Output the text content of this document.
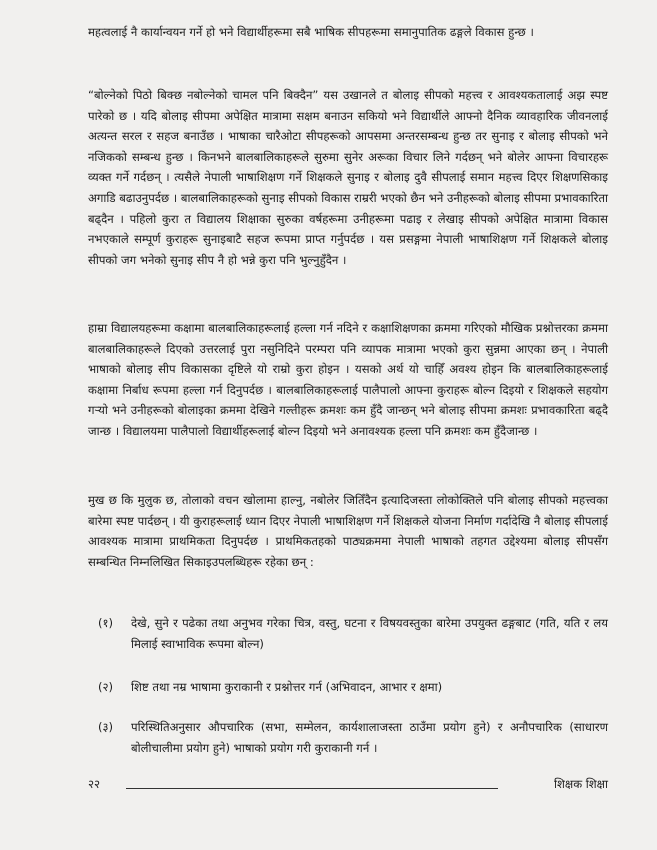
महत्वलाई नै कार्यान्वयन गर्ने हो भने विद्यार्थीहरूमा सबै भाषिक सीपहरूमा समानुपातिक ढङ्गले विकास हुन्छ ।

“बोल्नेको पिठो बिक्छ नबोल्नेको चामल पनि बिक्दैन” यस उखानले त बोलाइ सीपको महत्त्व र आवश्यकतालाई अझ स्पष्ट पारेको छ । यदि बोलाइ सीपमा अपेक्षित मात्रामा सक्षम बनाउन सकियो भने विद्यार्थीले आफ्नो दैनिक व्यावहारिक जीवनलाई अत्यन्त सरल र सहज बनाउँछ । भाषाका चारैओटा सीपहरूको आपसमा अन्तरसम्बन्ध हुन्छ तर सुनाइ र बोलाइ सीपको भने नजिकको सम्बन्ध हुन्छ । किनभने बालबालिकाहरूले सुरुमा सुनेर अरूका विचार लिने गर्दछन् भने बोलेर आफ्ना विचारहरू व्यक्त गर्ने गर्दछन् । त्यसैले नेपाली भाषाशिक्षण गर्ने शिक्षकले सुनाइ र बोलाइ दुवै सीपलाई समान महत्त्व दिएर शिक्षणसिकाइ अगाडि बढाउनुपर्दछ । बालबालिकाहरूको सुनाइ सीपको विकास राम्ररी भएको छैन भने उनीहरूको बोलाइ सीपमा प्रभावकारिता बढ्दैन । पहिलो कुरा त विद्यालय शिक्षाका सुरुका वर्षहरूमा उनीहरूमा पढाइ र लेखाइ सीपको अपेक्षित मात्रामा विकास नभएकाले सम्पूर्ण कुराहरू सुनाइबाटै सहज रूपमा प्राप्त गर्नुपर्दछ । यस प्रसङ्गमा नेपाली भाषाशिक्षण गर्ने शिक्षकले बोलाइ सीपको जग भनेको सुनाइ सीप नै हो भन्ने कुरा पनि भुल्नुहुँदैन ।

हाम्रा विद्यालयहरूमा कक्षामा बालबालिकाहरूलाई हल्ला गर्न नदिने र कक्षाशिक्षणका क्रममा गरिएको मौखिक प्रश्नोत्तरका क्रममा बालबालिकाहरूले दिएको उत्तरलाई पुरा नसुनिदिने परम्परा पनि व्यापक मात्रामा भएको कुरा सुन्नमा आएका छन् । नेपाली भाषाको बोलाइ सीप विकासका दृष्टिले यो राम्रो कुरा होइन । यसको अर्थ यो चाहिँ अवश्य होइन कि बालबालिकाहरूलाई कक्षामा निर्बाध रूपमा हल्ला गर्न दिनुपर्दछ । बालबालिकाहरूलाई पालैपालो आफ्ना कुराहरू बोल्न दिइयो र शिक्षकले सहयोग गऱ्यो भने उनीहरूको बोलाइका क्रममा देखिने गल्तीहरू क्रमशः कम हुँदै जान्छन् भने बोलाइ सीपमा क्रमशः प्रभावकारिता बढ्दै जान्छ । विद्यालयमा पालैपालो विद्यार्थीहरूलाई बोल्न दिइयो भने अनावश्यक हल्ला पनि क्रमशः कम हुँदैजान्छ ।

मुख छ कि मुलुक छ, तोलाको वचन खोलामा हाल्नु, नबोलेर जितिँदैन इत्यादिजस्ता लोकोक्तिले पनि बोलाइ सीपको महत्त्वका बारेमा स्पष्ट पार्दछन् । यी कुराहरूलाई ध्यान दिएर नेपाली भाषाशिक्षण गर्ने शिक्षकले योजना निर्माण गर्दादेखि नै बोलाइ सीपलाई आवश्यक मात्रामा प्राथमिकता दिनुपर्दछ । प्राथमिकतहको पाठ्यक्रममा नेपाली भाषाको तहगत उद्देश्यमा बोलाइ सीपसँग सम्बन्धित निम्नलिखित सिकाइउपलब्धिहरू रहेका छन् :

(१)	देखे, सुने र पढेका तथा अनुभव गरेका चित्र, वस्तु, घटना र विषयवस्तुका बारेमा उपयुक्त ढङ्गबाट (गति, यति र लय मिलाई स्वाभाविक रूपमा बोल्न)
(२)	शिष्ट तथा नम्र भाषामा कुराकानी र प्रश्नोत्तर गर्न (अभिवादन, आभार र क्षमा)
(३)	परिस्थितिअनुसार औपचारिक (सभा, सम्मेलन, कार्यशालाजस्ता ठाउँमा प्रयोग हुने) र अनौपचारिक (साधारण बोलीचालीमा प्रयोग हुने) भाषाको प्रयोग गरी कुराकानी गर्न ।
२२	शिक्षक शिक्षा
